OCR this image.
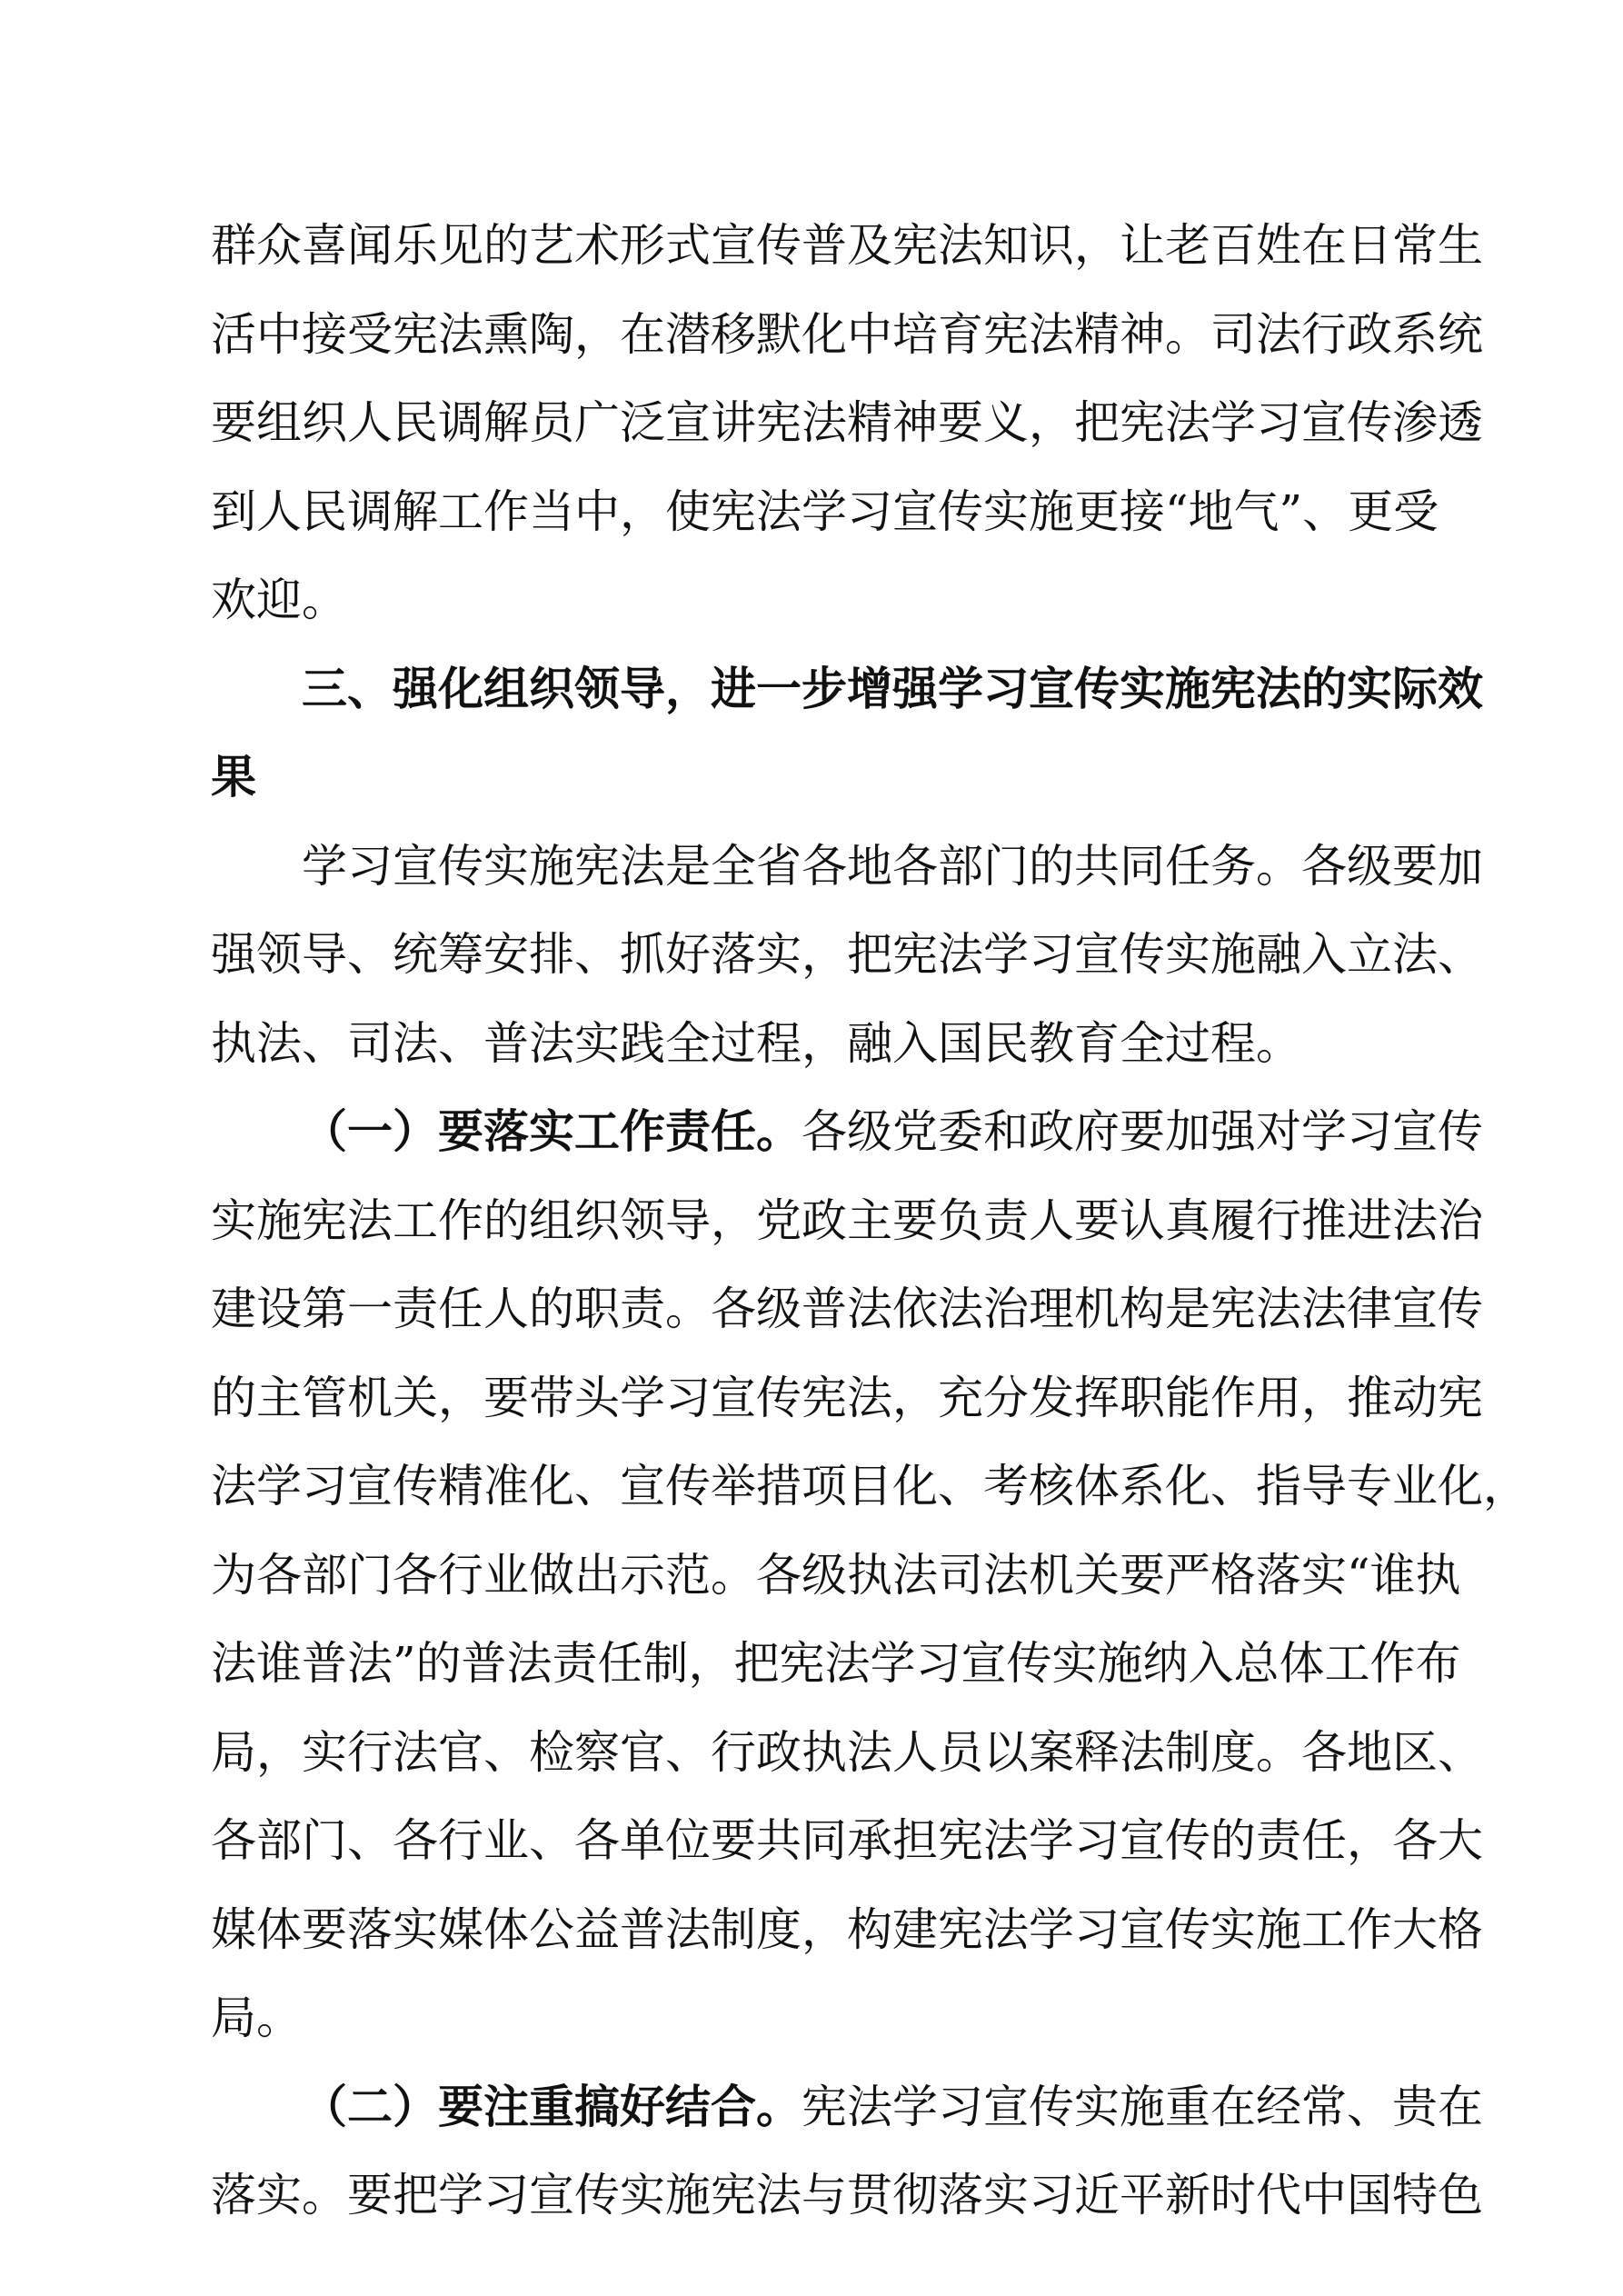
群众喜闻乐见的艺术形式宣传普及宪法知识，让老百姓在日常生
活中接受宪法熏陶，在潜移默化中培育宪法精神。司法行政系统
要组织人民调解员广泛宣讲宪法精神要义，把宪法学习宣传渗透
到人民调解工作当中，使宪法学习宣传实施更接“地气”、更受
欢迎。
三、强化组织领导，进一步增强学习宣传实施宪法的实际效
果
学习宣传实施宪法是全省各地各部门的共同任务。各级要加
强领导、统筹安排、抓好落实，把宪法学习宣传实施融入立法、
执法、司法、普法实践全过程，融入国民教育全过程。
（一）要落实工作责任。各级党委和政府要加强对学习宣传
实施宪法工作的组织领导，党政主要负责人要认真履行推进法治
建设第一责任人的职责。各级普法依法治理机构是宪法法律宣传
的主管机关，要带头学习宣传宪法，充分发挥职能作用，推动宪
法学习宣传精准化、宣传举措项目化、考核体系化、指导专业化，
为各部门各行业做出示范。各级执法司法机关要严格落实“谁执
法谁普法”的普法责任制，把宪法学习宣传实施纳入总体工作布
局，实行法官、检察官、行政执法人员以案释法制度。各地区、
各部门、各行业、各单位要共同承担宪法学习宣传的责任，各大
媒体要落实媒体公益普法制度，构建宪法学习宣传实施工作大格
局。
（二）要注重搞好结合。宪法学习宣传实施重在经常、贵在
落实。要把学习宣传实施宪法与贯彻落实习近平新时代中国特色
